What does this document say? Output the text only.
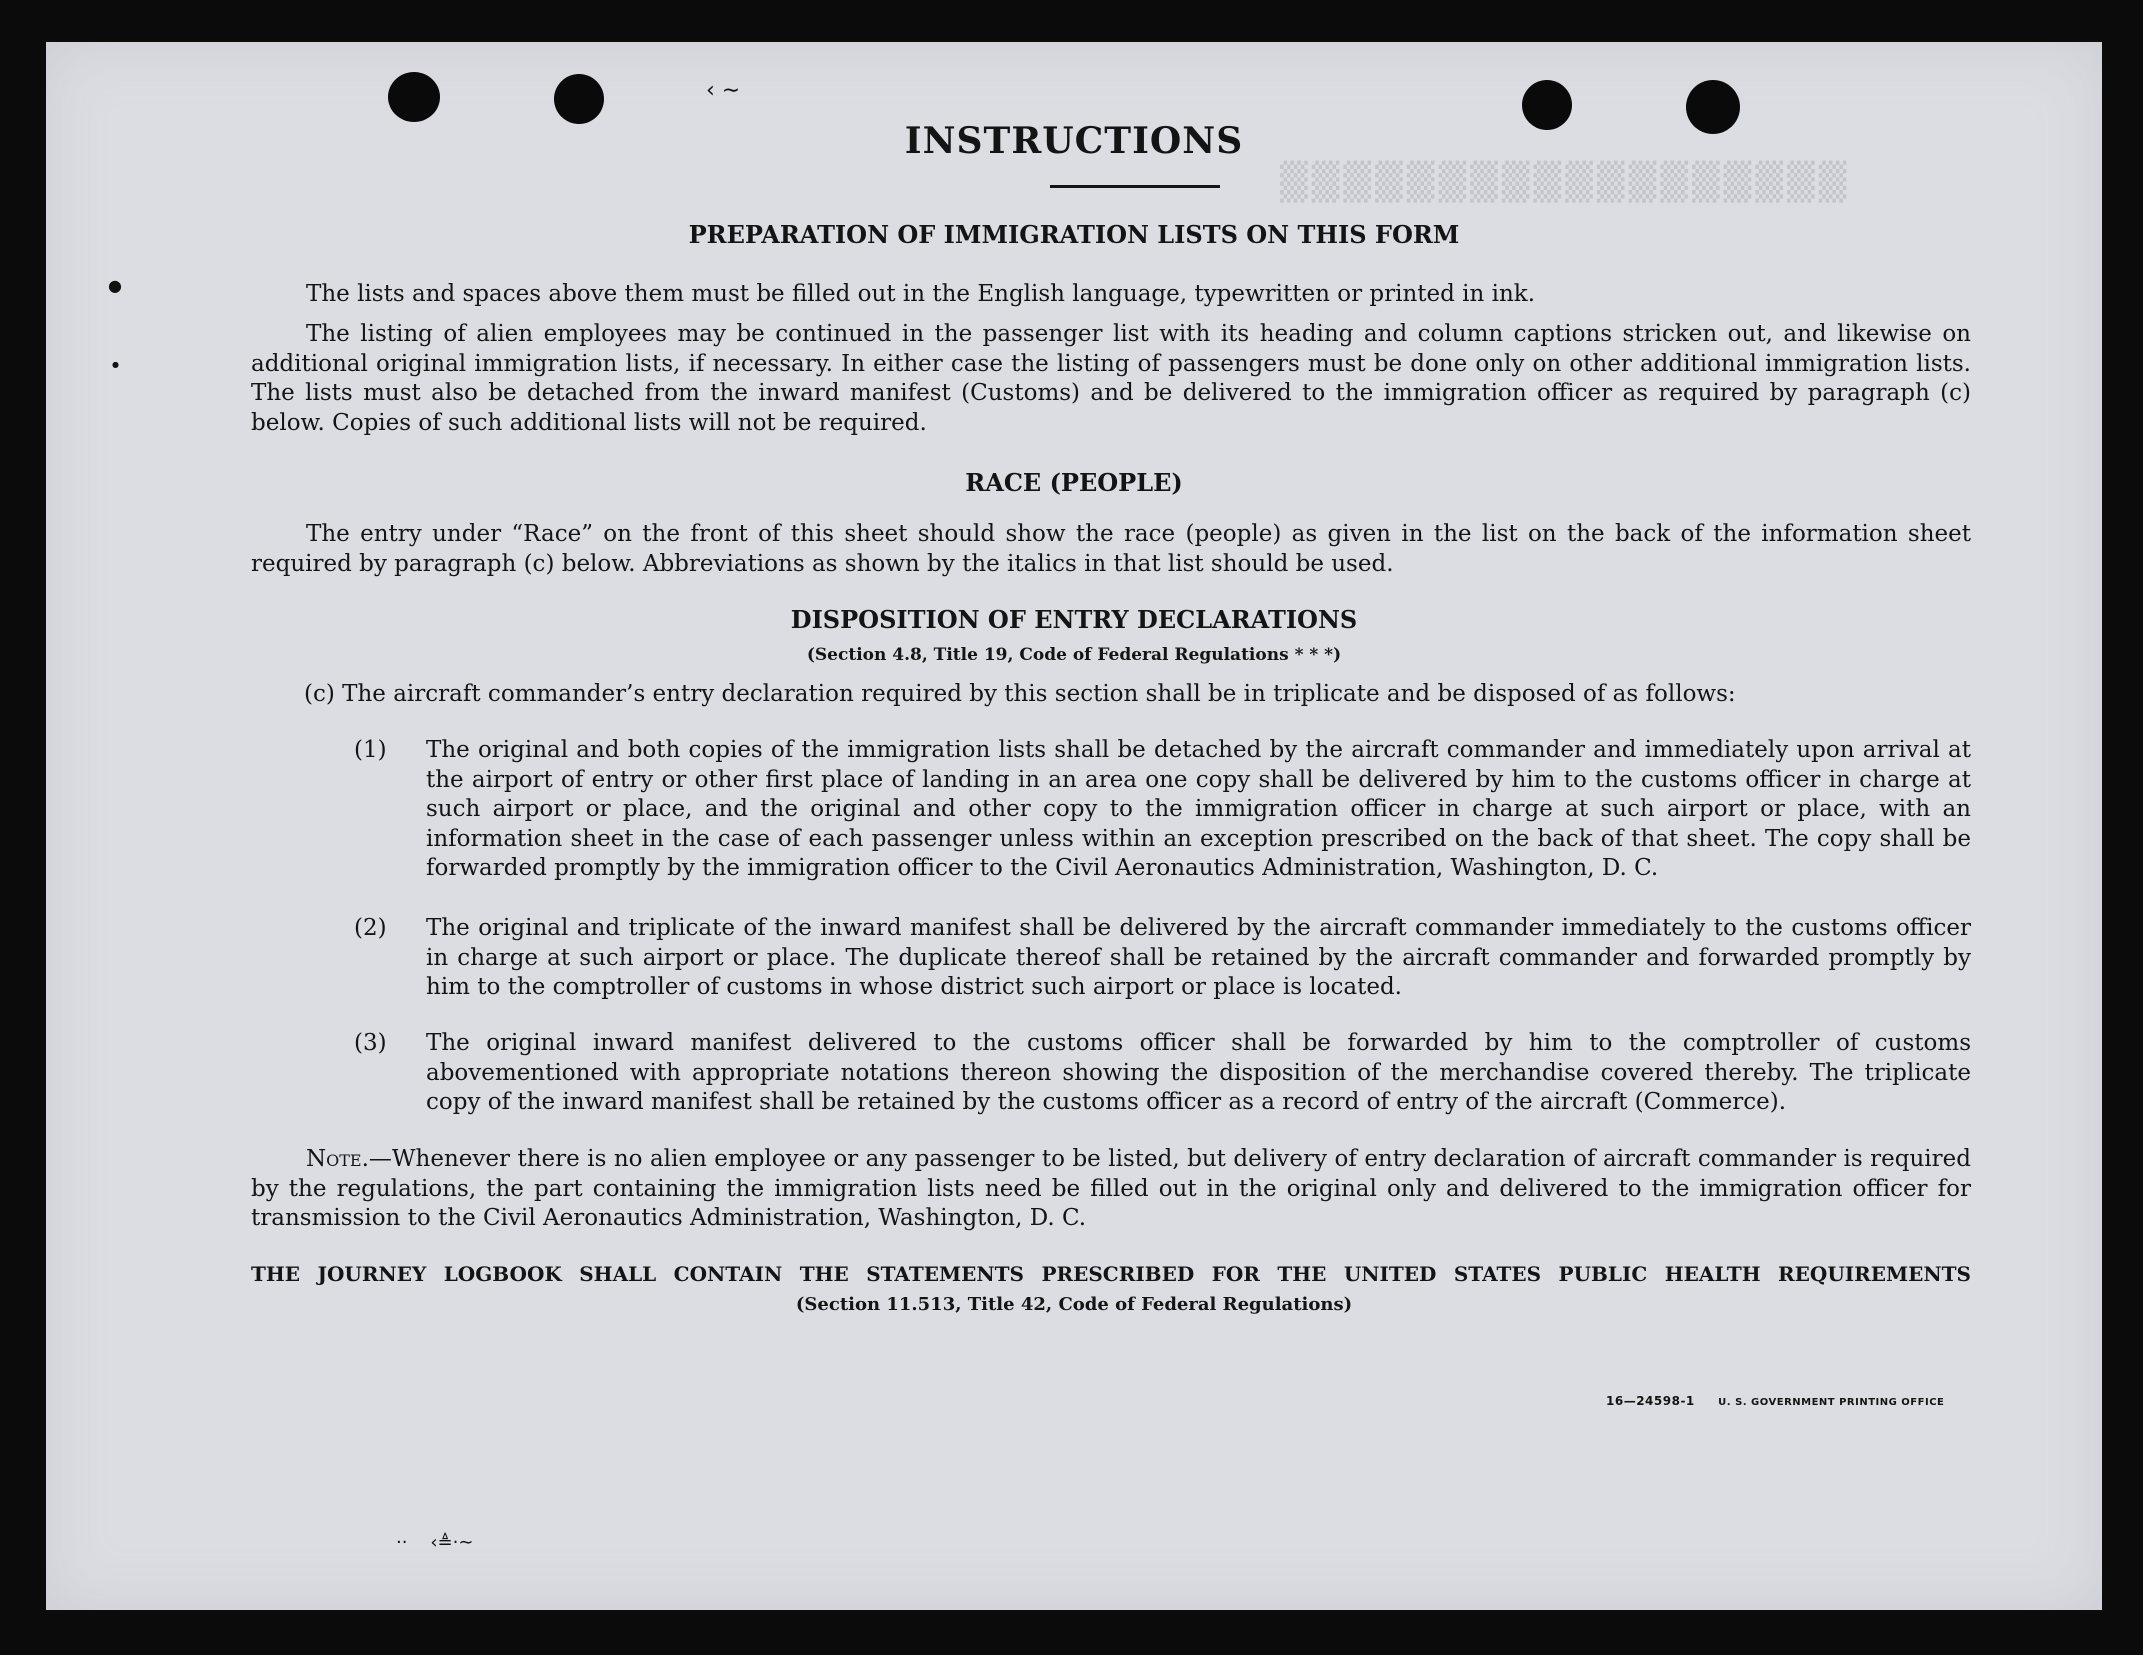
▒▒▒▒▒▒▒▒▒▒▒▒▒▒▒▒▒▒
INSTRUCTIONS
PREPARATION OF IMMIGRATION LISTS ON THIS FORM
The lists and spaces above them must be filled out in the English language, typewritten or printed in ink.
The listing of alien employees may be continued in the passenger list with its heading and column captions stricken out, and likewise on additional original immigration lists, if necessary. In either case the listing of passengers must be done only on other additional immigration lists. The lists must also be detached from the inward manifest (Customs) and be delivered to the immigration officer as required by paragraph (c) below. Copies of such additional lists will not be required.
RACE (PEOPLE)
The entry under “Race” on the front of this sheet should show the race (people) as given in the list on the back of the information sheet required by paragraph (c) below. Abbreviations as shown by the italics in that list should be used.
DISPOSITION OF ENTRY DECLARATIONS
(Section 4.8, Title 19, Code of Federal Regulations * * *)
(c) The aircraft commander’s entry declaration required by this section shall be in triplicate and be disposed of as follows:
(1) The original and both copies of the immigration lists shall be detached by the aircraft commander and immediately upon arrival at the airport of entry or other first place of landing in an area one copy shall be delivered by him to the customs officer in charge at such airport or place, and the original and other copy to the immigration officer in charge at such airport or place, with an information sheet in the case of each passenger unless within an exception prescribed on the back of that sheet. The copy shall be forwarded promptly by the immigration officer to the Civil Aeronautics Administration, Washington, D. C.
(2) The original and triplicate of the inward manifest shall be delivered by the aircraft commander immediately to the customs officer in charge at such airport or place. The duplicate thereof shall be retained by the aircraft commander and forwarded promptly by him to the comptroller of customs in whose district such airport or place is located.
(3) The original inward manifest delivered to the customs officer shall be forwarded by him to the comptroller of customs abovementioned with appropriate notations thereon showing the disposition of the merchandise covered thereby. The triplicate copy of the inward manifest shall be retained by the customs officer as a record of entry of the aircraft (Commerce).
Note.—Whenever there is no alien employee or any passenger to be listed, but delivery of entry declaration of aircraft commander is required by the regulations, the part containing the immigration lists need be filled out in the original only and delivered to the immigration officer for transmission to the Civil Aeronautics Administration, Washington, D. C.
THE JOURNEY LOGBOOK SHALL CONTAIN THE STATEMENTS PRESCRIBED FOR THE UNITED STATES PUBLIC HEALTH REQUIREMENTS
(Section 11.513, Title 42, Code of Federal Regulations)
16—24598-1 U. S. GOVERNMENT PRINTING OFFICE
‹ ∼
●
●
··    ‹≜⋅∼
